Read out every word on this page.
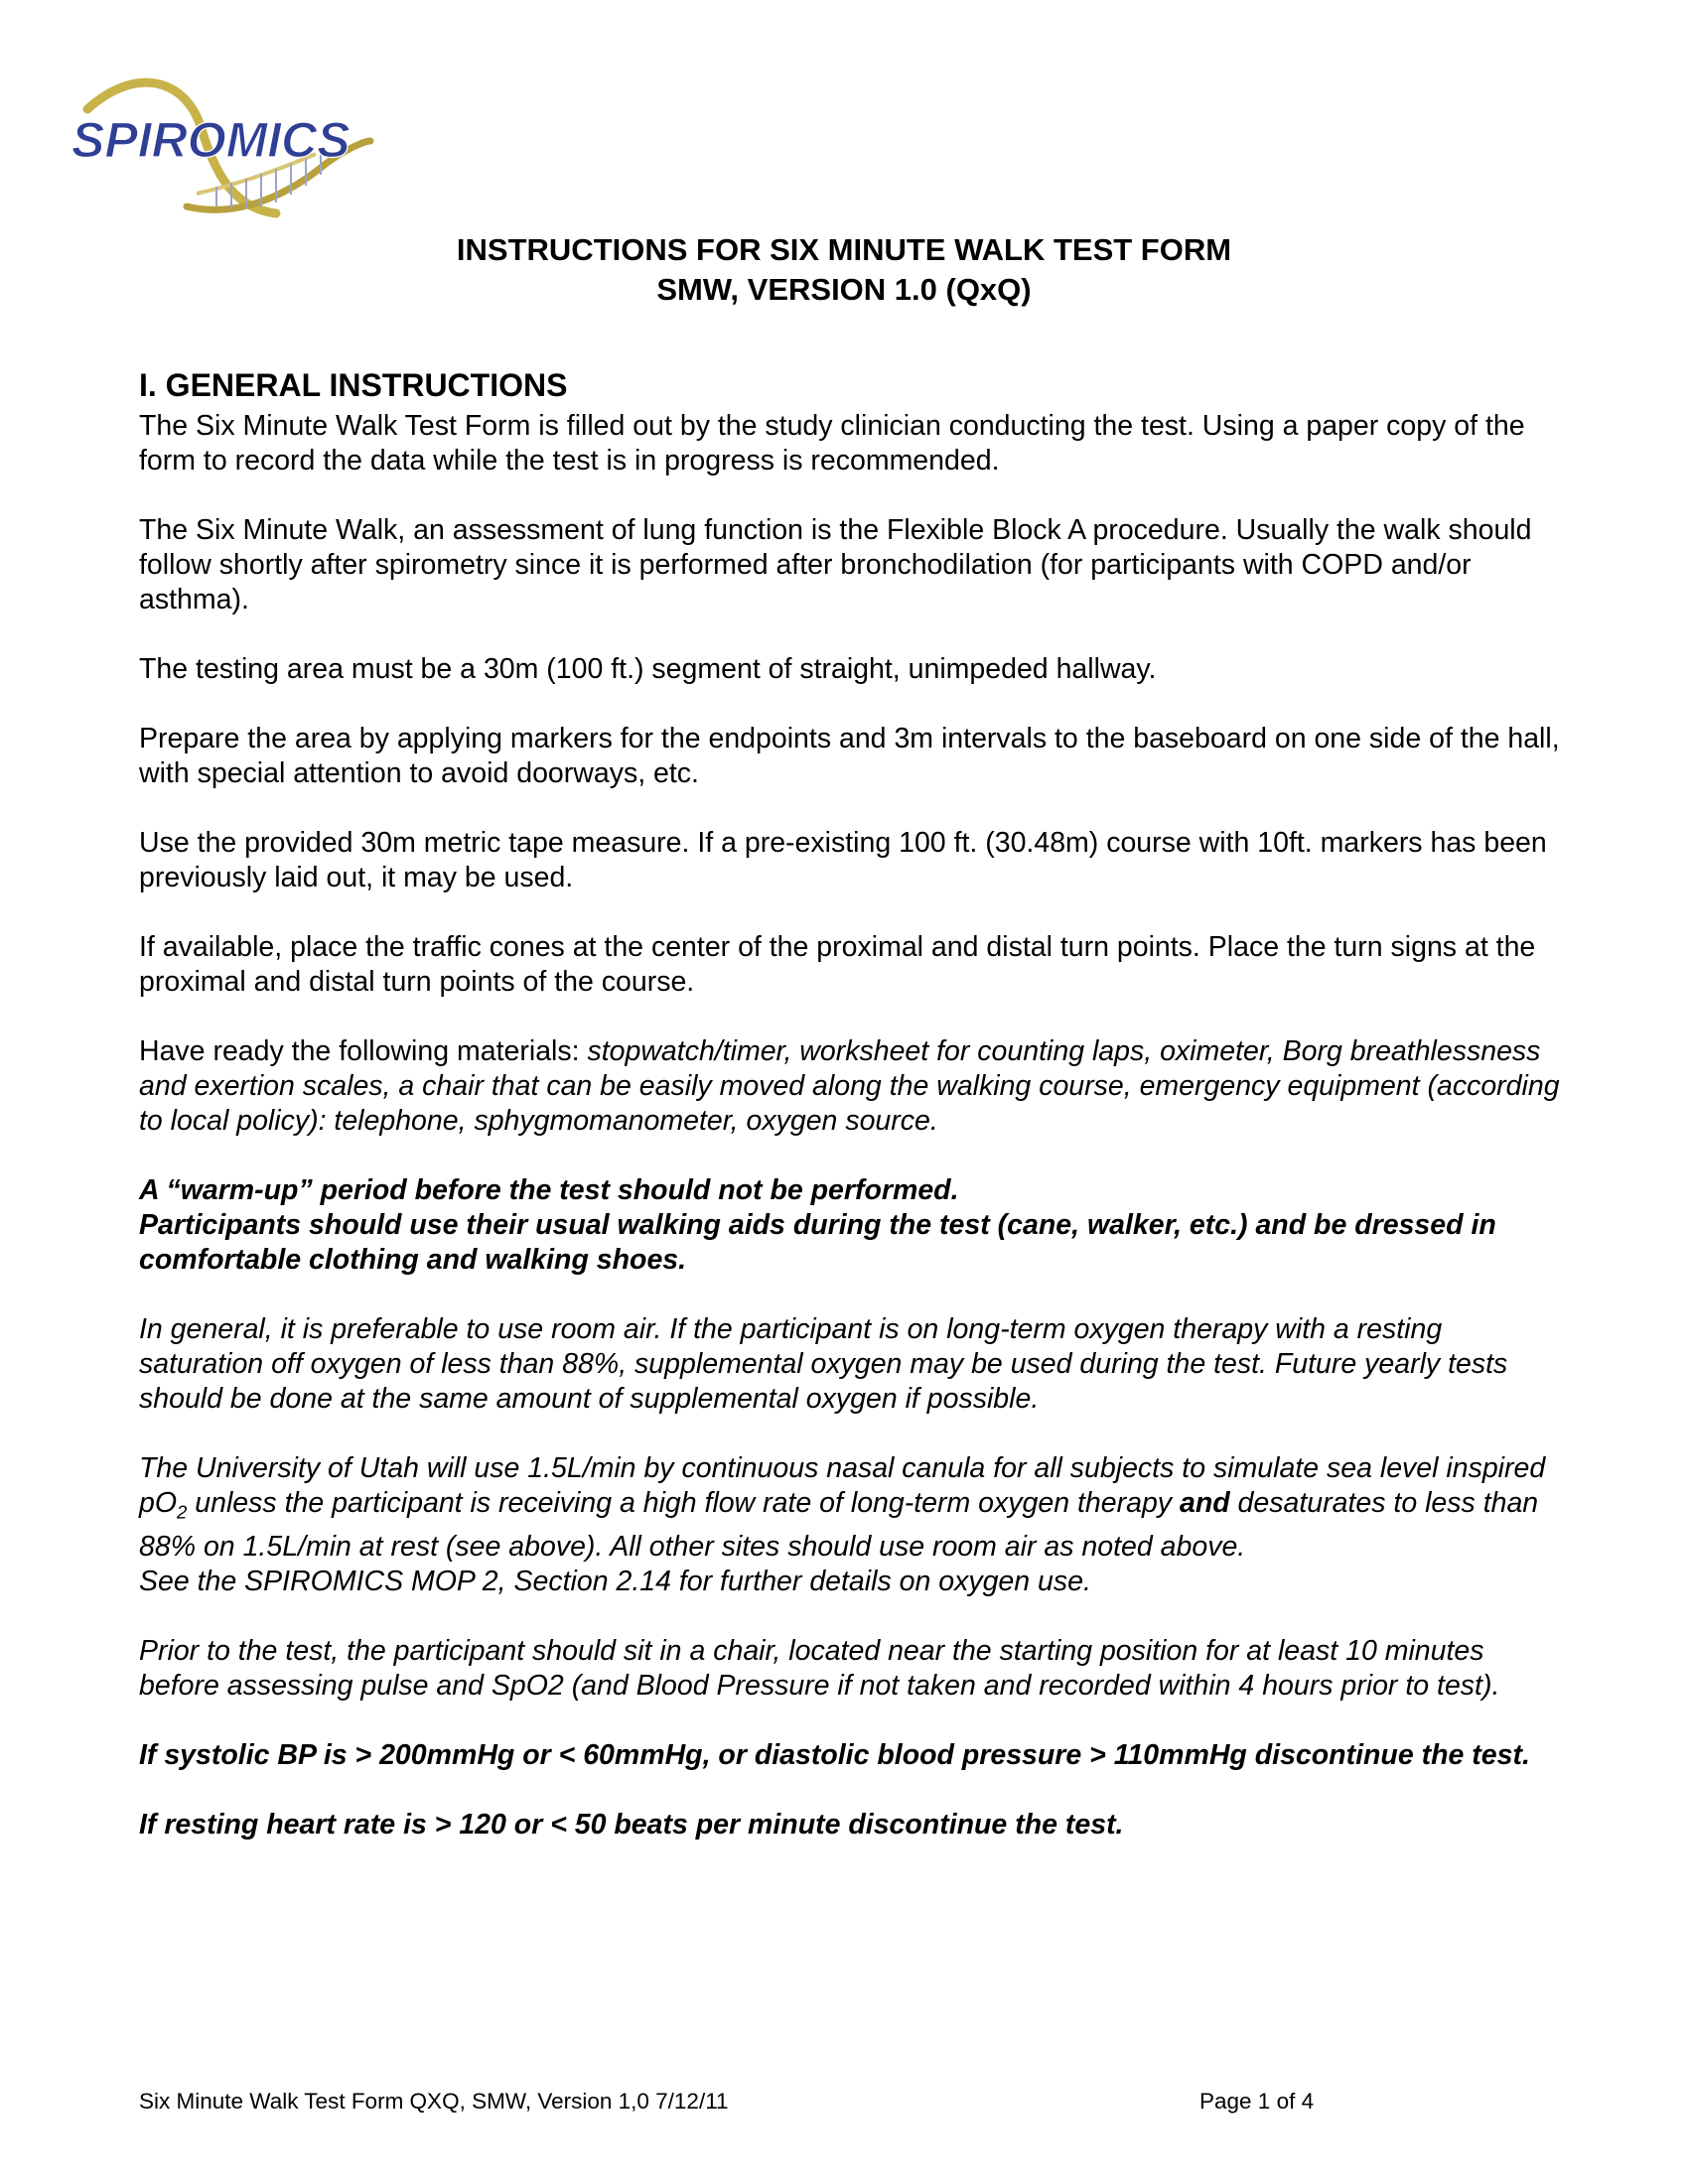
SPIROMICS
INSTRUCTIONS FOR SIX MINUTE WALK TEST FORM
SMW, VERSION 1.0 (QxQ)
I. GENERAL INSTRUCTIONS

The Six Minute Walk Test Form is filled out by the study clinician conducting the test. Using a paper copy of the form to record the data while the test is in progress is recommended.

The Six Minute Walk, an assessment of lung function is the Flexible Block A procedure. Usually the walk should follow shortly after spirometry since it is performed after bronchodilation (for participants with COPD and/or asthma).

The testing area must be a 30m (100 ft.) segment of straight, unimpeded hallway.

Prepare the area by applying markers for the endpoints and 3m intervals to the baseboard on one side of the hall, with special attention to avoid doorways, etc.

Use the provided 30m metric tape measure. If a pre-existing 100 ft. (30.48m) course with 10ft. markers has been previously laid out, it may be used.

If available, place the traffic cones at the center of the proximal and distal turn points. Place the turn signs at the proximal and distal turn points of the course.

Have ready the following materials: stopwatch/timer, worksheet for counting laps, oximeter, Borg breathlessness and exertion scales, a chair that can be easily moved along the walking course, emergency equipment (according to local policy): telephone, sphygmomanometer, oxygen source.

A “warm-up” period before the test should not be performed.

Participants should use their usual walking aids during the test (cane, walker, etc.) and be dressed in comfortable clothing and walking shoes.

In general, it is preferable to use room air. If the participant is on long-term oxygen therapy with a resting saturation off oxygen of less than 88%, supplemental oxygen may be used during the test. Future yearly tests should be done at the same amount of supplemental oxygen if possible.

The University of Utah will use 1.5L/min by continuous nasal canula for all subjects to simulate sea level inspired $pO_2$ unless the participant is receiving a high flow rate of long-term oxygen therapy and desaturates to less than 88% on 1.5L/min at rest (see above). All other sites should use room air as noted above.

See the SPIROMICS MOP 2, Section 2.14 for further details on oxygen use.

Prior to the test, the participant should sit in a chair, located near the starting position for at least 10 minutes before assessing pulse and SpO2 (and Blood Pressure if not taken and recorded within 4 hours prior to test).

If systolic BP is > 200mmHg or < 60mmHg, or diastolic blood pressure > 110mmHg discontinue the test.

If resting heart rate is > 120 or < 50 beats per minute discontinue the test.

Six Minute Walk Test Form QXQ, SMW, Version 1,0 7/12/11	Page 1 of 4
